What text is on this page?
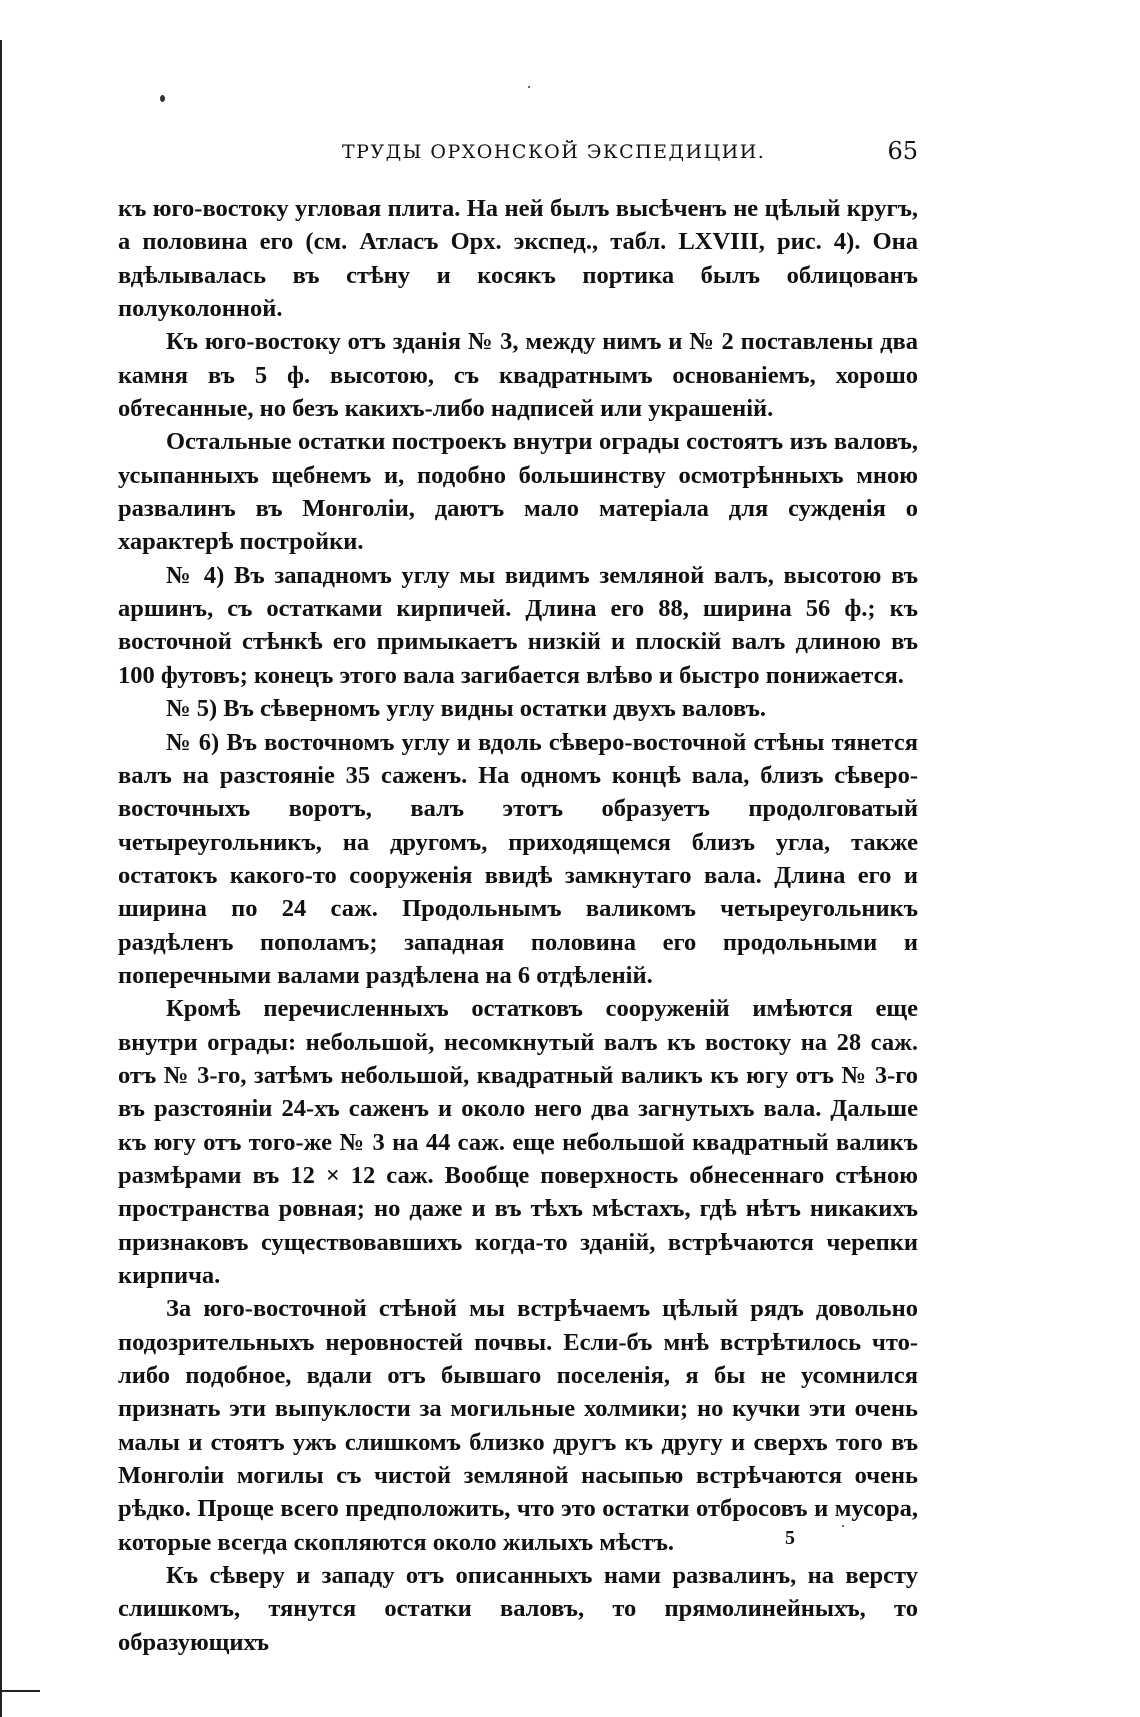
ТРУДЫ ОРХОНСКОЙ ЭКСПЕДИЦИИ.	65

къ юго-востоку угловая плита. На ней былъ высѣченъ не цѣлый кругъ, а половина его (см. Атласъ Орх. экспед., табл. LXVIII, рис. 4). Она вдѣлывалась въ стѣну и косякъ портика былъ облицованъ полуколонной.

Къ юго-востоку отъ зданія № 3, между нимъ и № 2 поставлены два камня въ 5 ф. высотою, съ квадратнымъ основаніемъ, хорошо обтесанные, но безъ какихъ-либо надписей или украшеній.

Остальные остатки построекъ внутри ограды состоятъ изъ валовъ, усыпанныхъ щебнемъ и, подобно большинству осмотрѣнныхъ мною развалинъ въ Монголіи, даютъ мало матеріала для сужденія о характерѣ постройки.

№ 4) Въ западномъ углу мы видимъ земляной валъ, высотою въ аршинъ, съ остатками кирпичей. Длина его 88, ширина 56 ф.; къ восточной стѣнкѣ его примыкаетъ низкій и плоскій валъ длиною въ 100 футовъ; конецъ этого вала загибается влѣво и быстро понижается.

№ 5) Въ сѣверномъ углу видны остатки двухъ валовъ.

№ 6) Въ восточномъ углу и вдоль сѣверо-восточной стѣны тянется валъ на разстояніе 35 саженъ. На одномъ концѣ вала, близъ сѣверо-восточныхъ воротъ, валъ этотъ образуетъ продолговатый четыреугольникъ, на другомъ, приходящемся близъ угла, также остатокъ какого-то сооруженія ввидѣ замкнутаго вала. Длина его и ширина по 24 саж. Продольнымъ валикомъ четыреугольникъ раздѣленъ пополамъ; западная половина его продольными и поперечными валами раздѣлена на 6 отдѣленій.

Кромѣ перечисленныхъ остатковъ сооруженій имѣются еще внутри ограды: небольшой, несомкнутый валъ къ востоку на 28 саж. отъ № 3-го, затѣмъ небольшой, квадратный валикъ къ югу отъ № 3-го въ разстояніи 24-хъ саженъ и около него два загнутыхъ вала. Дальше къ югу отъ того-же № 3 на 44 саж. еще небольшой квадратный валикъ размѣрами въ 12 × 12 саж. Вообще поверхность обнесеннаго стѣною пространства ровная; но даже и въ тѣхъ мѣстахъ, гдѣ нѣтъ никакихъ признаковъ существовавшихъ когда-то зданій, встрѣчаются черепки кирпича.

За юго-восточной стѣной мы встрѣчаемъ цѣлый рядъ довольно подозрительныхъ неровностей почвы. Если-бъ мнѣ встрѣтилось что-либо подобное, вдали отъ бывшаго поселенія, я бы не усомнился признать эти выпуклости за могильные холмики; но кучки эти очень малы и стоятъ ужъ слишкомъ близко другъ къ другу и сверхъ того въ Монголіи могилы съ чистой земляной насыпью встрѣчаются очень рѣдко. Проще всего предположить, что это остатки отбросовъ и мусора, которые всегда скопляются около жилыхъ мѣстъ.

Къ сѣверу и западу отъ описанныхъ нами развалинъ, на версту слишкомъ, тянутся остатки валовъ, то прямолинейныхъ, то образующихъ

5
